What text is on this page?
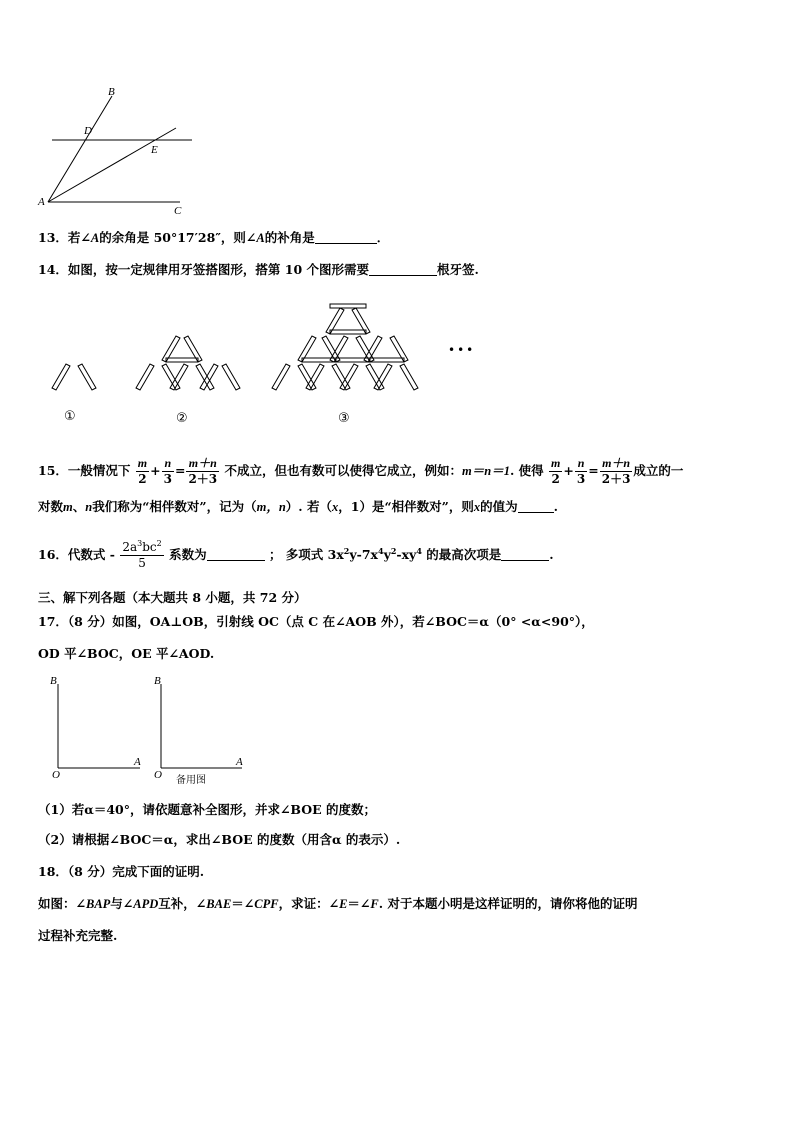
B
D
E
A
C
13．若∠A的余角是 50°17′28″，则∠A的补角是	．
14．如图，按一定规律用牙签搭图形，搭第 10 个图形需要	根牙签.
①	②	③
•••
15．一般情况下 $\frac{m}{2} + \frac{n}{3} = \frac{m+n}{2+3}$ 不成立，但也有数可以使得它成立，例如：m＝n＝1. 使得 $\frac{m}{2} + \frac{n}{3} = \frac{m+n}{2+3}$ 成立的一
对数m、n我们称为“相伴数对”，记为（m，n）. 若（x，1）是“相伴数对”，则x的值为	.
16．代数式 - $\frac{2a^3bc^2}{5}$ 系数为	； 多项式 $3x^2y-7x^4y^2-xy^4$ 的最高次项是	.
三、解下列各题（本大题共 8 小题，共 72 分）
17．（8 分）如图，OA⊥OB，引射线 OC（点 C 在∠AOB 外），若∠BOC＝α（0° <α<90°），
OD 平∠BOC，OE 平∠AOD.
B
A
O
B
A
O 备用图
（1）若α＝40°，请依题意补全图形，并求∠BOE 的度数；
（2）请根据∠BOC＝α，求出∠BOE 的度数（用含α 的表示）.
18．（8 分）完成下面的证明.
如图：∠BAP与∠APD互补，∠BAE＝∠CPF，求证：∠E＝∠F. 对于本题小明是这样证明的，请你将他的证明
过程补充完整.
